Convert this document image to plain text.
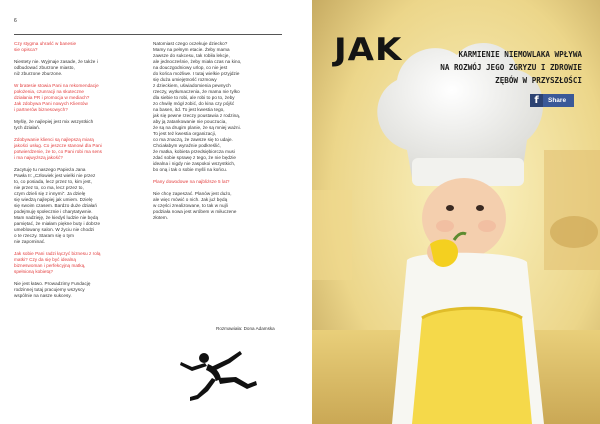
6

Czy stygma uhraść w banesie
sie opisca?

Niestety nie. Wyjmaje zasade, że także i
odbudować zburzone miasto,
niż zburzone zburzone.

W bratesie stowia Pani na rekomendacje
położenia, czunracji na skuteczne
działania PR i promocja w mediach?
Jak zdobywa Pani nowych Klientów
i partnerów biznesowych?

Myślę, że najlepiej jest mix wszystkich
tych działań.

Zdobywanie klienci są najlepszą miarą
jakości usług. Co jeszcze stanowi dla Pani
potwierdzenie, że to, co Pani robi ma sens
i ma najwyższą jakość?

Zacytuję tu naszego Papieża Jana
Pawła II: „Człowiek jest wielki nie przez
to, co posiada, lecz przez to, kim jest,
nie przez to, co ma, lecz przez to,
czym dzieli się z innymi”. Ja dzielę
się wiedzą najlepiej jak umiem. Dzielę
się swoim czasem. Bardzo duże działań
podejmuję społecznie i charytatywnie.
Mam nadzieję, że kiedyś ludzie nie będą
pamiętać, że miałam piękne buty i dobrze
umeblowany salon. W życiu nie chodzi
o te rzeczy. Staram się o tym
nie zapominać.

Jak sobie Pani radzi łączyć biznesu z rolą
matki? Czy da się być idealną
bizneswoman i perfekcyjną matką,
spełnioną kobietą?

Nie jest łatwo. Prowadzimy Fundację
rodzinnej tutaj pracujemy wszyscy
wspólnie na nasze sukcesy.

Natomiast czego oczekuje dziecko?
Mamy na pełnym etacie. Żeby mama
zawsze do sukcesu, tak robiła lekcje,
ale jednocześnie, żeby miała czas na kino,
na douczgodniowy urlop, co nie jest
do końca możliwe. I tutaj wielkie przyjdzie
się duża umiejętność rozmowy
z dzieckiem, uświadomienia pewnych
rzeczy, wytłumaczenia, że mama nie tylko
dla siebie to robi, ale robi to po to, żeby
zo chwilę mógł zobić, do kina czy pójść
na basen, itd. To jest kwestia tego,
jak się pewne rzeczy poustawia z rodziną,
aby ją zatankowanie nie pouczucia,
że są na drugim planie, że są mniej ważni.
To jest też kwestia organizacji,
co ma znaczą, że zawsze się to udaje.
Chciałabym wyraźnie podkreślić,
że matka, kobieta przedsiębiorcza musi
zdać sobie sprawę z tego, że nie będzie
idealna i nigdy nie zaspokoi wszystkich,
bo oną i tak o sobie myśli na końcu.

Plany dowodowe na najbliższe 5 lat?

Nie chcę zapeszać. Planów jest dużo,
ale więc mówić o nich. Jak już będą
w części zrealizowane, to tak w nujli
podziała nowa jest wróbem w miłuczene
złotem.

Rozmawiała: Dona Adamska
JAK	KARMIENIE NIEMOWLAKA WPŁYWA
NA ROZWÓJ JEGO ZGRYZU I ZDROWIE
ZĘBÓW W PRZYSZŁOŚCI
f	Share
